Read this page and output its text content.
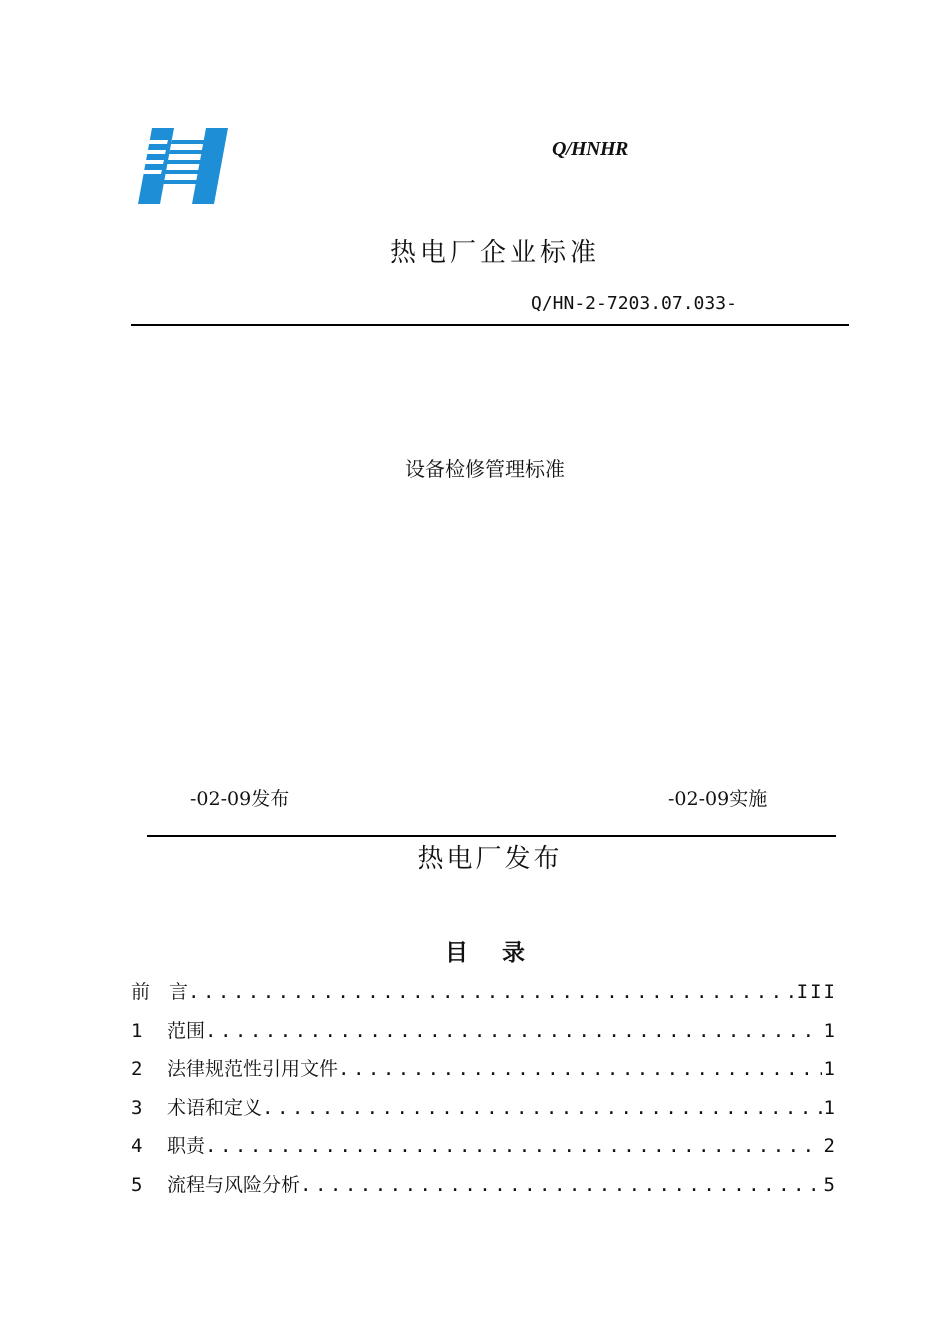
Q/HNHR
热电厂企业标准
Q/HN-2-7203.07.033-
设备检修管理标准
-02-09发布	-02-09实施
热电厂发布
目 录
前　言 .....	III
1	范围 .....	1
2	法律规范性引用文件 .....	1
3	术语和定义 .....	1
4	职责 .....	2
5	流程与风险分析 .....	5
